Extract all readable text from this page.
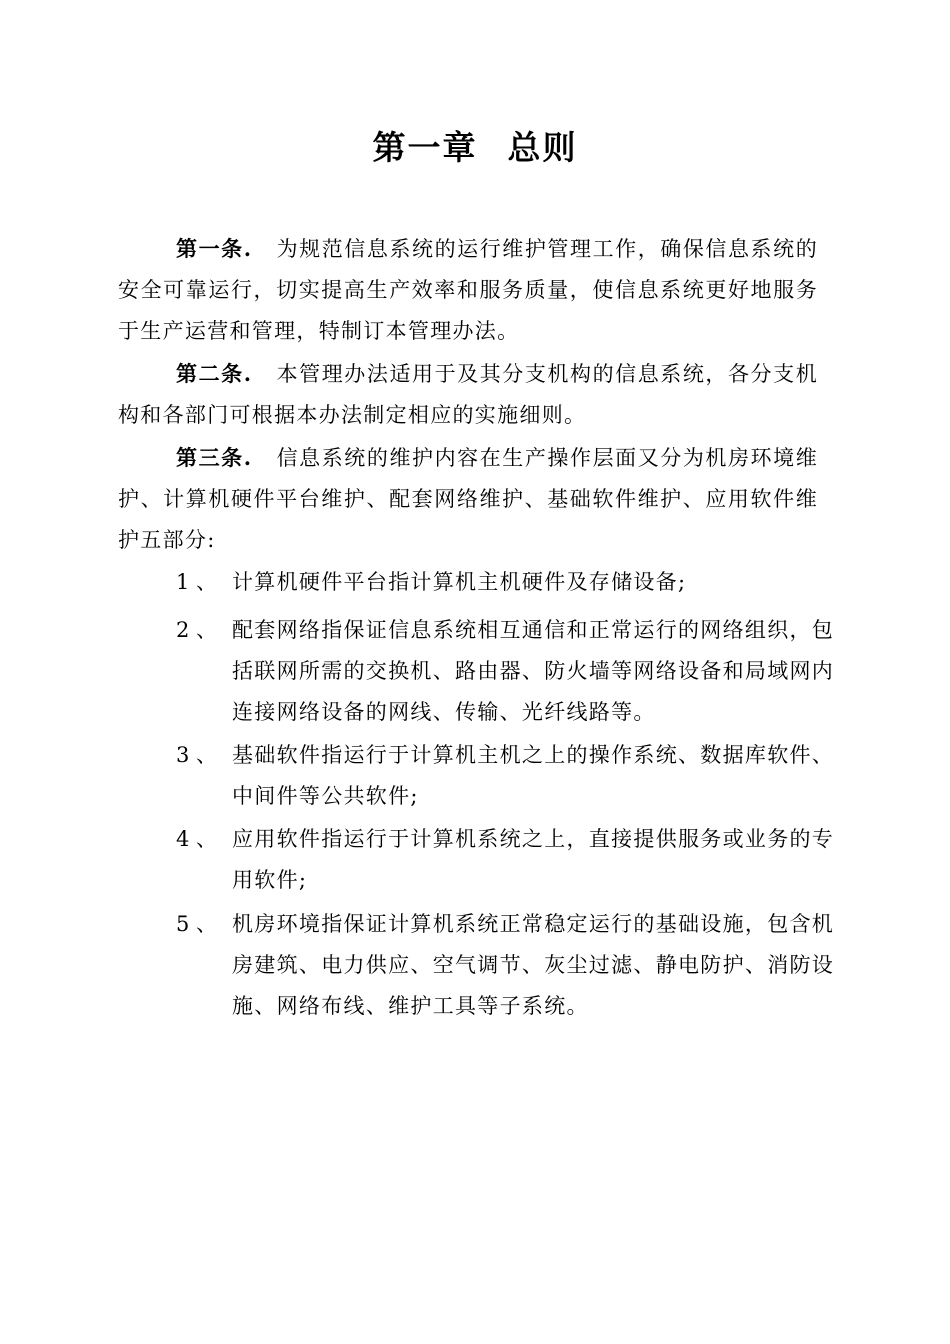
第一章 总则

第一条. 为规范信息系统的运行维护管理工作，确保信息系统的安全可靠运行，切实提高生产效率和服务质量，使信息系统更好地服务于生产运营和管理，特制订本管理办法。

第二条. 本管理办法适用于及其分支机构的信息系统，各分支机构和各部门可根据本办法制定相应的实施细则。

第三条. 信息系统的维护内容在生产操作层面又分为机房环境维护、计算机硬件平台维护、配套网络维护、基础软件维护、应用软件维护五部分:

1 、 计算机硬件平台指计算机主机硬件及存储设备;
2 、 配套网络指保证信息系统相互通信和正常运行的网络组织，包括联网所需的交换机、路由器、防火墙等网络设备和局域网内连接网络设备的网线、传输、光纤线路等。
3 、 基础软件指运行于计算机主机之上的操作系统、数据库软件、中间件等公共软件;
4 、 应用软件指运行于计算机系统之上，直接提供服务或业务的专用软件;
5 、 机房环境指保证计算机系统正常稳定运行的基础设施，包含机房建筑、电力供应、空气调节、灰尘过滤、静电防护、消防设施、网络布线、维护工具等子系统。
